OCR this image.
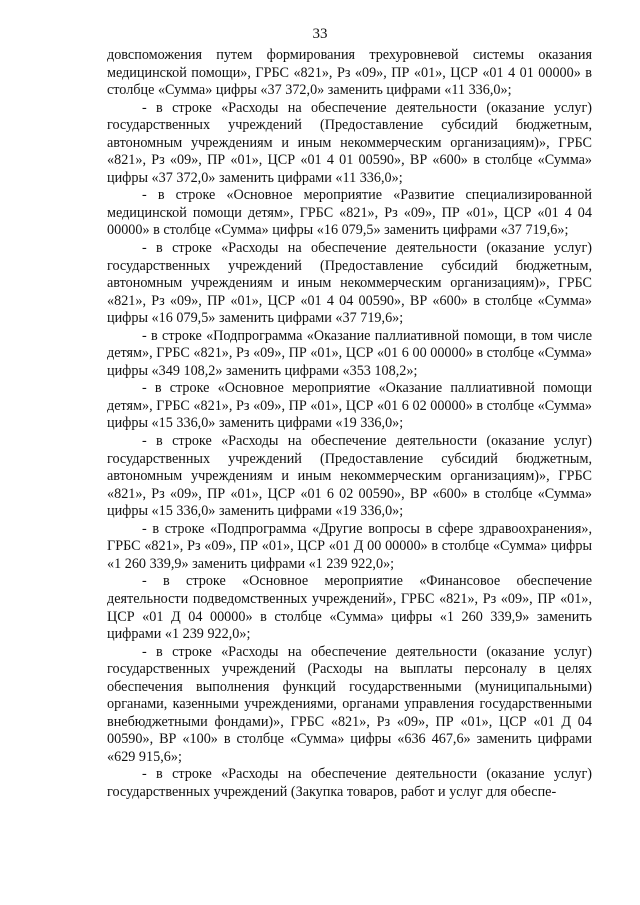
33

довспоможения путем формирования трехуровневой системы оказания медицинской помощи», ГРБС «821», Рз «09», ПР «01», ЦСР «01 4 01 00000» в столбце «Сумма» цифры «37 372,0» заменить цифрами «11 336,0»;

- в строке «Расходы на обеспечение деятельности (оказание услуг) государственных учреждений (Предоставление субсидий бюджетным, автономным учреждениям и иным некоммерческим организациям)», ГРБС «821», Рз «09», ПР «01», ЦСР «01 4 01 00590», ВР «600» в столбце «Сумма» цифры «37 372,0» заменить цифрами «11 336,0»;

- в строке «Основное мероприятие «Развитие специализированной медицинской помощи детям», ГРБС «821», Рз «09», ПР «01», ЦСР «01 4 04 00000» в столбце «Сумма» цифры «16 079,5» заменить цифрами «37 719,6»;

- в строке «Расходы на обеспечение деятельности (оказание услуг) государственных учреждений (Предоставление субсидий бюджетным, автономным учреждениям и иным некоммерческим организациям)», ГРБС «821», Рз «09», ПР «01», ЦСР «01 4 04 00590», ВР «600» в столбце «Сумма» цифры «16 079,5» заменить цифрами «37 719,6»;

- в строке «Подпрограмма «Оказание паллиативной помощи, в том числе детям», ГРБС «821», Рз «09», ПР «01», ЦСР «01 6 00 00000» в столбце «Сумма» цифры «349 108,2» заменить цифрами «353 108,2»;

- в строке «Основное мероприятие «Оказание паллиативной помощи детям», ГРБС «821», Рз «09», ПР «01», ЦСР «01 6 02 00000» в столбце «Сумма» цифры «15 336,0» заменить цифрами «19 336,0»;

- в строке «Расходы на обеспечение деятельности (оказание услуг) государственных учреждений (Предоставление субсидий бюджетным, автономным учреждениям и иным некоммерческим организациям)», ГРБС «821», Рз «09», ПР «01», ЦСР «01 6 02 00590», ВР «600» в столбце «Сумма» цифры «15 336,0» заменить цифрами «19 336,0»;

- в строке «Подпрограмма «Другие вопросы в сфере здравоохранения», ГРБС «821», Рз «09», ПР «01», ЦСР «01 Д 00 00000» в столбце «Сумма» цифры «1 260 339,9» заменить цифрами «1 239 922,0»;

- в строке «Основное мероприятие «Финансовое обеспечение деятельности подведомственных учреждений», ГРБС «821», Рз «09», ПР «01», ЦСР «01 Д 04 00000» в столбце «Сумма» цифры «1 260 339,9» заменить цифрами «1 239 922,0»;

- в строке «Расходы на обеспечение деятельности (оказание услуг) государственных учреждений (Расходы на выплаты персоналу в целях обеспечения выполнения функций государственными (муниципальными) органами, казенными учреждениями, органами управления государственными внебюджетными фондами)», ГРБС «821», Рз «09», ПР «01», ЦСР «01 Д 04 00590», ВР «100» в столбце «Сумма» цифры «636 467,6» заменить цифрами «629 915,6»;

- в строке «Расходы на обеспечение деятельности (оказание услуг) государственных учреждений (Закупка товаров, работ и услуг для обеспе-
